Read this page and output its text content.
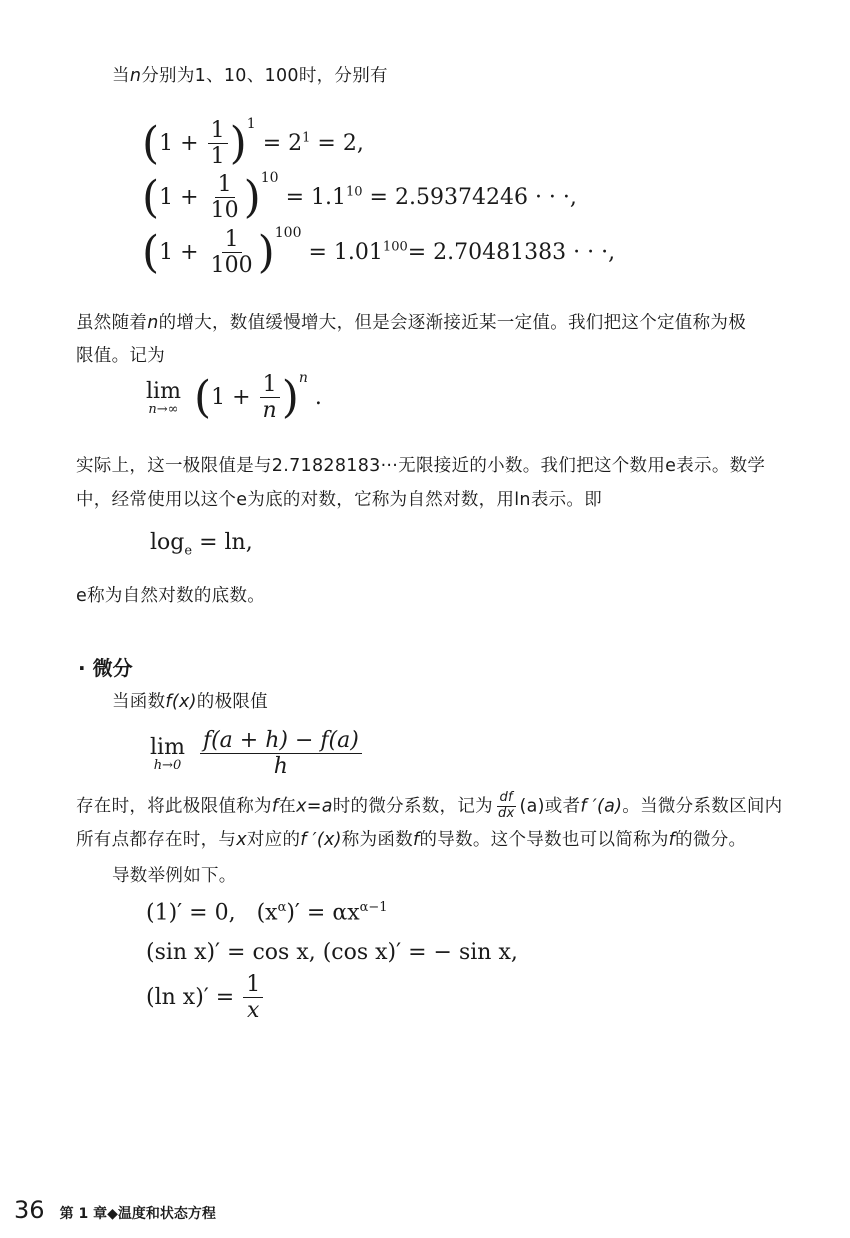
当n分别为1、10、100时，分别有
$(1 + \frac{1}{1} )^1 = 2^1 = 2$,
$(1 + \frac{1}{10} )^{10} = 1.1^{10} = 2.59374246$ · · ·,
$(1 + \frac{1}{100} )^{100} = 1.01^{100}= 2.70481383$ · · ·,
虽然随着n的增大，数值缓慢增大，但是会逐渐接近某一定值。我们把这个定值称为极
限值。记为
lim
n→∞ $(1 + \frac{1}{n} )^n$ .
实际上，这一极限值是与2.71828183···无限接近的小数。我们把这个数用e表示。数学
中，经常使用以这个e为底的对数，它称为自然对数，用ln表示。即
$\log_e = \ln$,
e称为自然对数的底数。
· 微分
当函数f(x)的极限值
lim
h→0
$\frac{f(a + h) - f(a)}{h}$
存在时，将此极限值称为f在x=a时的微分系数，记为 $\frac{df}{dx} (a)$或者f ′(a)。当微分系数区间内
所有点都存在时，与x对应的f ′(x)称为函数f的导数。这个导数也可以简称为f的微分。
导数举例如下。
(1)′ = 0, $(x^\alpha)' = \alpha x^{\alpha-1}$
(sin x)′ = cos x, (cos x)′ = − sin x,
(ln $x)' = \frac{1}{x}$
36 第 1 章◆温度和状态方程
